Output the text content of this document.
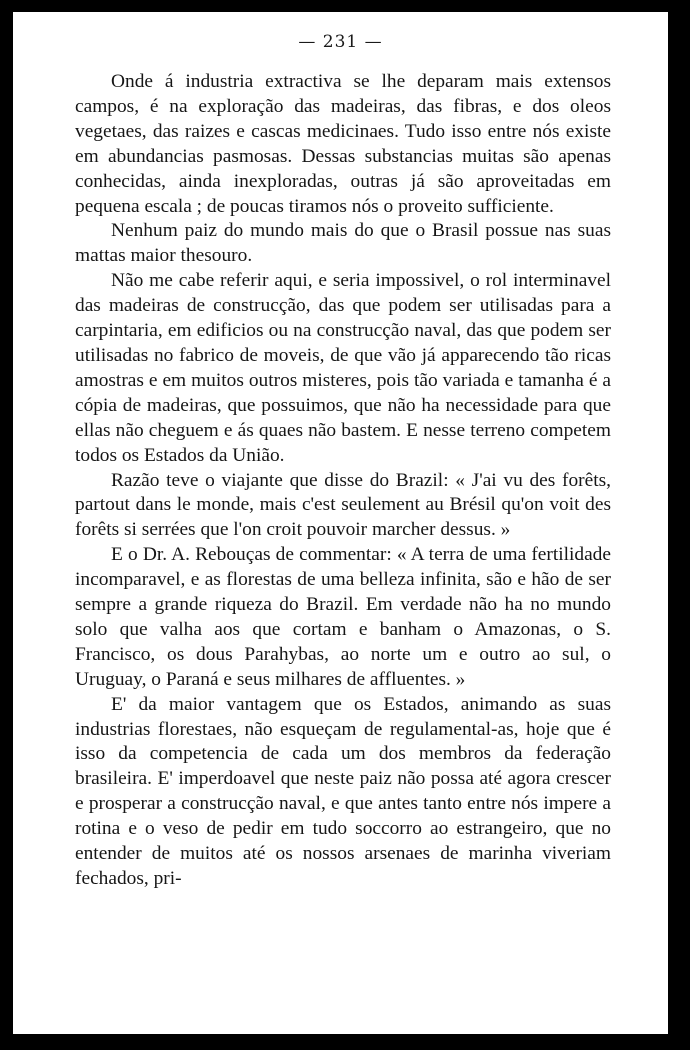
— 231 —

Onde á industria extractiva se lhe deparam mais extensos campos, é na exploração das madeiras, das fibras, e dos oleos vegetaes, das raizes e cascas medicinaes. Tudo isso entre nós existe em abundancias pasmosas. Dessas substancias muitas são apenas conhecidas, ainda inexploradas, outras já são aproveitadas em pequena escala ; de poucas tiramos nós o proveito sufficiente.

Nenhum paiz do mundo mais do que o Brasil possue nas suas mattas maior thesouro.

Não me cabe referir aqui, e seria impossivel, o rol interminavel das madeiras de construcção, das que podem ser utilisadas para a carpintaria, em edificios ou na construcção naval, das que podem ser utilisadas no fabrico de moveis, de que vão já apparecendo tão ricas amostras e em muitos outros misteres, pois tão variada e tamanha é a cópia de madeiras, que possuimos, que não ha necessidade para que ellas não cheguem e ás quaes não bastem. E nesse terreno competem todos os Estados da União.

Razão teve o viajante que disse do Brazil: « J'ai vu des forêts, partout dans le monde, mais c'est seulement au Brésil qu'on voit des forêts si serrées que l'on croit pouvoir marcher dessus. »

E o Dr. A. Rebouças de commentar: « A terra de uma fertilidade incomparavel, e as florestas de uma belleza infinita, são e hão de ser sempre a grande riqueza do Brazil. Em verdade não ha no mundo solo que valha aos que cortam e banham o Amazonas, o S. Francisco, os dous Parahybas, ao norte um e outro ao sul, o Uruguay, o Paraná e seus milhares de affluentes. »

E' da maior vantagem que os Estados, animando as suas industrias florestaes, não esqueçam de regulamental-as, hoje que é isso da competencia de cada um dos membros da federação brasileira. E' imperdoavel que neste paiz não possa até agora crescer e prosperar a construcção naval, e que antes tanto entre nós impere a rotina e o veso de pedir em tudo soccorro ao estrangeiro, que no entender de muitos até os nossos arsenaes de marinha viveriam fechados, pri-
